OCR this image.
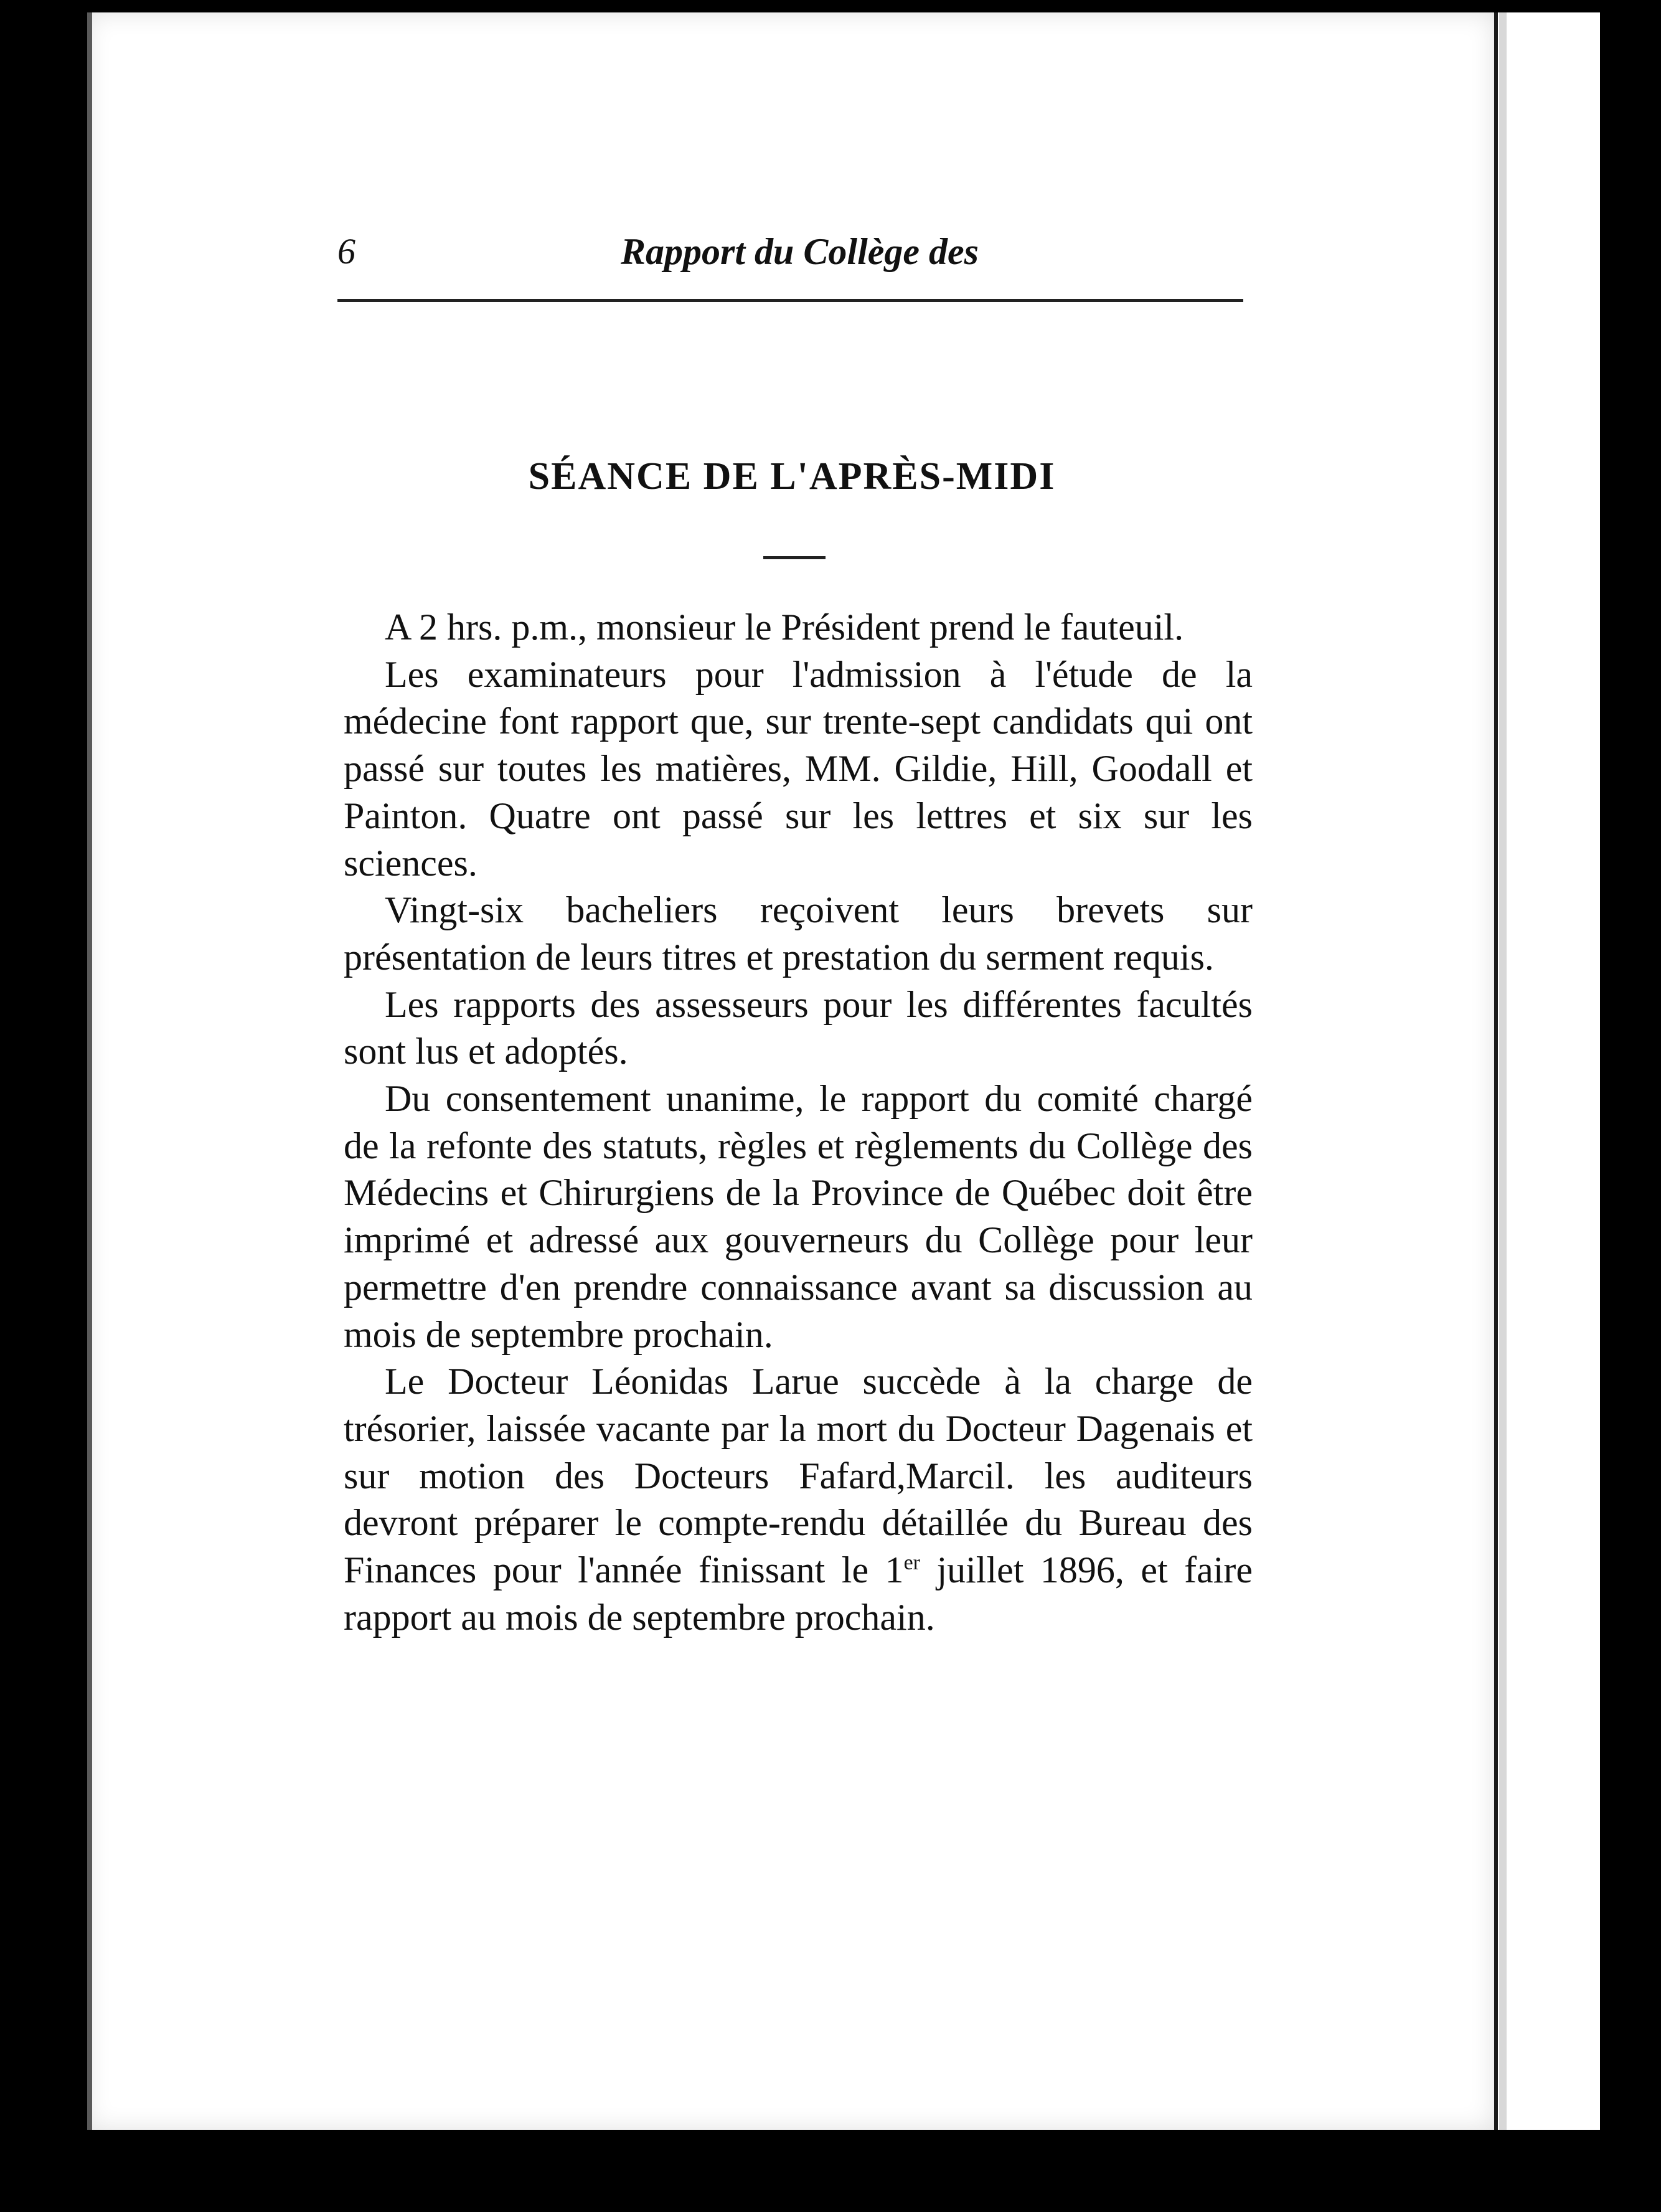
6	Rapport du Collège des
SÉANCE DE L'APRÈS-MIDI

A 2 hrs. p.m., monsieur le Président prend le fauteuil.

Les examinateurs pour l'admission à l'étude de la médecine font rapport que, sur trente-sept candidats qui ont passé sur toutes les matières, MM. Gildie, Hill, Goodall et Painton. Quatre ont passé sur les lettres et six sur les sciences.

Vingt-six bacheliers reçoivent leurs brevets sur présentation de leurs titres et prestation du serment requis.

Les rapports des assesseurs pour les différentes facultés sont lus et adoptés.

Du consentement unanime, le rapport du comité chargé de la refonte des statuts, règles et règlements du Collège des Médecins et Chirurgiens de la Province de Québec doit être imprimé et adressé aux gouverneurs du Collège pour leur permettre d'en prendre connaissance avant sa discussion au mois de septembre prochain.

Le Docteur Léonidas Larue succède à la charge de trésorier, laissée vacante par la mort du Docteur Dagenais et sur motion des Docteurs Fafard,Marcil. les auditeurs devront préparer le compte-rendu détaillée du Bureau des Finances pour l'année finissant le 1er juillet 1896, et faire rapport au mois de septembre prochain.
